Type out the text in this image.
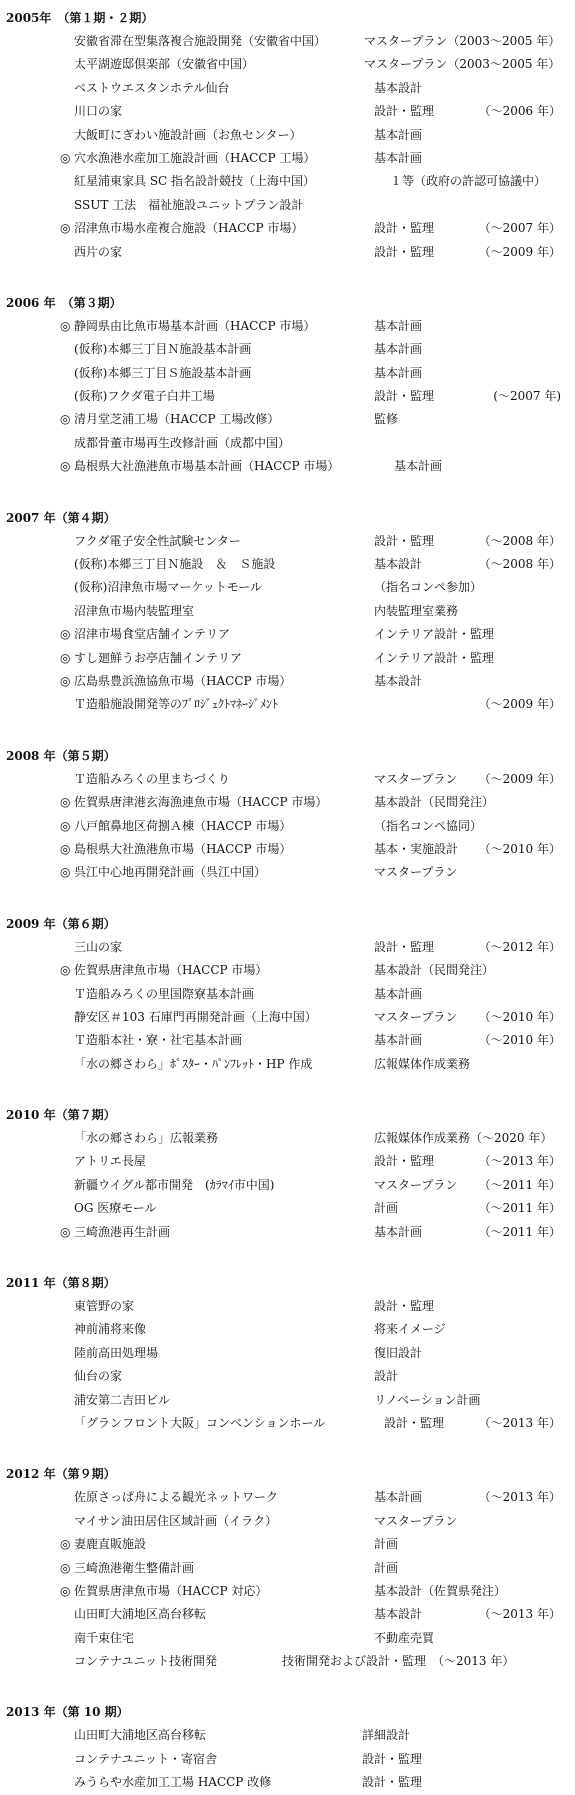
2005年　（第１期・２期）
安徽省滞在型集落複合施設開発（安徽省中国）	マスタープラン（2003～2005 年）
太平湖遊邸倶楽部（安徽省中国）	マスタープラン（2003～2005 年）
ベストウエスタンホテル仙台	基本設計
川口の家	設計・監理	（～2006 年）
大飯町にぎわい施設計画（お魚センター）	基本計画
◎ 穴水漁港水産加工施設計画（HACCP 工場）	基本計画
紅星浦東家具 SC 指名設計競技（上海中国）	１等（政府の許認可協議中）
SSUT 工法　福祉施設ユニットプラン設計
◎ 沼津魚市場水産複合施設（HACCP 市場）	設計・監理	（～2007 年）
西片の家	設計・監理	（～2009 年）
2006 年　（第３期）
◎ 静岡県由比魚市場基本計画（HACCP 市場）	基本計画
(仮称)本郷三丁目Ｎ施設基本計画	基本計画
(仮称)本郷三丁目Ｓ施設基本計画	基本計画
(仮称)フクダ電子白井工場	設計・監理	(～2007 年)
◎ 清月堂芝浦工場（HACCP 工場改修）	監修
成都骨董市場再生改修計画（成都中国）
◎ 島根県大社漁港魚市場基本計画（HACCP 市場）	基本計画
2007 年（第４期）
フクダ電子安全性試験センター	設計・監理	（～2008 年）
(仮称)本郷三丁目Ｎ施設　＆　Ｓ施設	基本設計	（～2008 年）
(仮称)沼津魚市場マーケットモール	（指名コンペ参加）
沼津魚市場内装監理室	内装監理室業務
◎ 沼津市場食堂店舗インテリア	インテリア設計・監理
◎ すし廻鮮うお亭店舗インテリア	インテリア設計・監理
◎ 広島県豊浜漁協魚市場（HACCP 市場）	基本設計
Ｔ造船施設開発等のﾌﾟﾛｼﾞｪｸﾄﾏﾈｰｼﾞﾒﾝﾄ	（～2009 年）
2008 年（第５期）
Ｔ造船みろくの里まちづくり	マスタープラン （～2009 年）
◎ 佐賀県唐津港玄海漁連魚市場（HACCP 市場）	基本設計（民間発注）
◎ 八戸館鼻地区荷捌Ａ棟（HACCP 市場）	（指名コンペ協同）
◎ 島根県大社漁港魚市場（HACCP 市場）	基本・実施設計 （～2010 年）
◎ 呉江中心地再開発計画（呉江中国）	マスタープラン
2009 年（第６期）
三山の家	設計・監理	（～2012 年）
◎ 佐賀県唐津魚市場（HACCP 市場）	基本設計（民間発注）
Ｔ造船みろくの里国際寮基本計画	基本計画
静安区＃103 石庫門再開発計画（上海中国）	マスタープラン （～2010 年）
Ｔ造船本社・寮・社宅基本計画	基本計画	（～2010 年）
「水の郷さわら」ﾎﾟｽﾀｰ・ﾊﾟﾝﾌﾚｯﾄ・HP 作成	広報媒体作成業務
2010 年（第７期）
「水の郷さわら」広報業務	広報媒体作成業務（～2020 年）
アトリエ長屋	設計・監理	（～2013 年）
新疆ウイグル都市開発　(ｶﾗﾏｲ市中国)	マスタープラン （～2011 年）
OG 医療モール	計画	（～2011 年）
◎ 三崎漁港再生計画	基本計画	（～2011 年）
2011 年（第８期）
東管野の家	設計・監理
神前浦将来像	将来イメージ
陸前高田処理場	復旧設計
仙台の家	設計
浦安第二吉田ビル	リノベーション計画
「グランフロント大阪」コンベンションホール	設計・監理	（～2013 年）
2012 年（第９期）
佐原さっぱ舟による観光ネットワーク	基本計画	（～2013 年）
マイサン油田居住区域計画（イラク）	マスタープラン
◎ 妻鹿直販施設	計画
◎ 三崎漁港衛生整備計画	計画
◎ 佐賀県唐津魚市場（HACCP 対応）	基本設計（佐賀県発注）
山田町大浦地区高台移転	基本設計	（～2013 年）
南千束住宅	不動産売買
コンテナユニット技術開発	技術開発および設計・監理　（～2013 年）
2013 年（第 10 期）
山田町大浦地区高台移転	詳細設計
コンテナユニット・寄宿舎	設計・監理
みうらや水産加工工場 HACCP 改修	設計・監理
